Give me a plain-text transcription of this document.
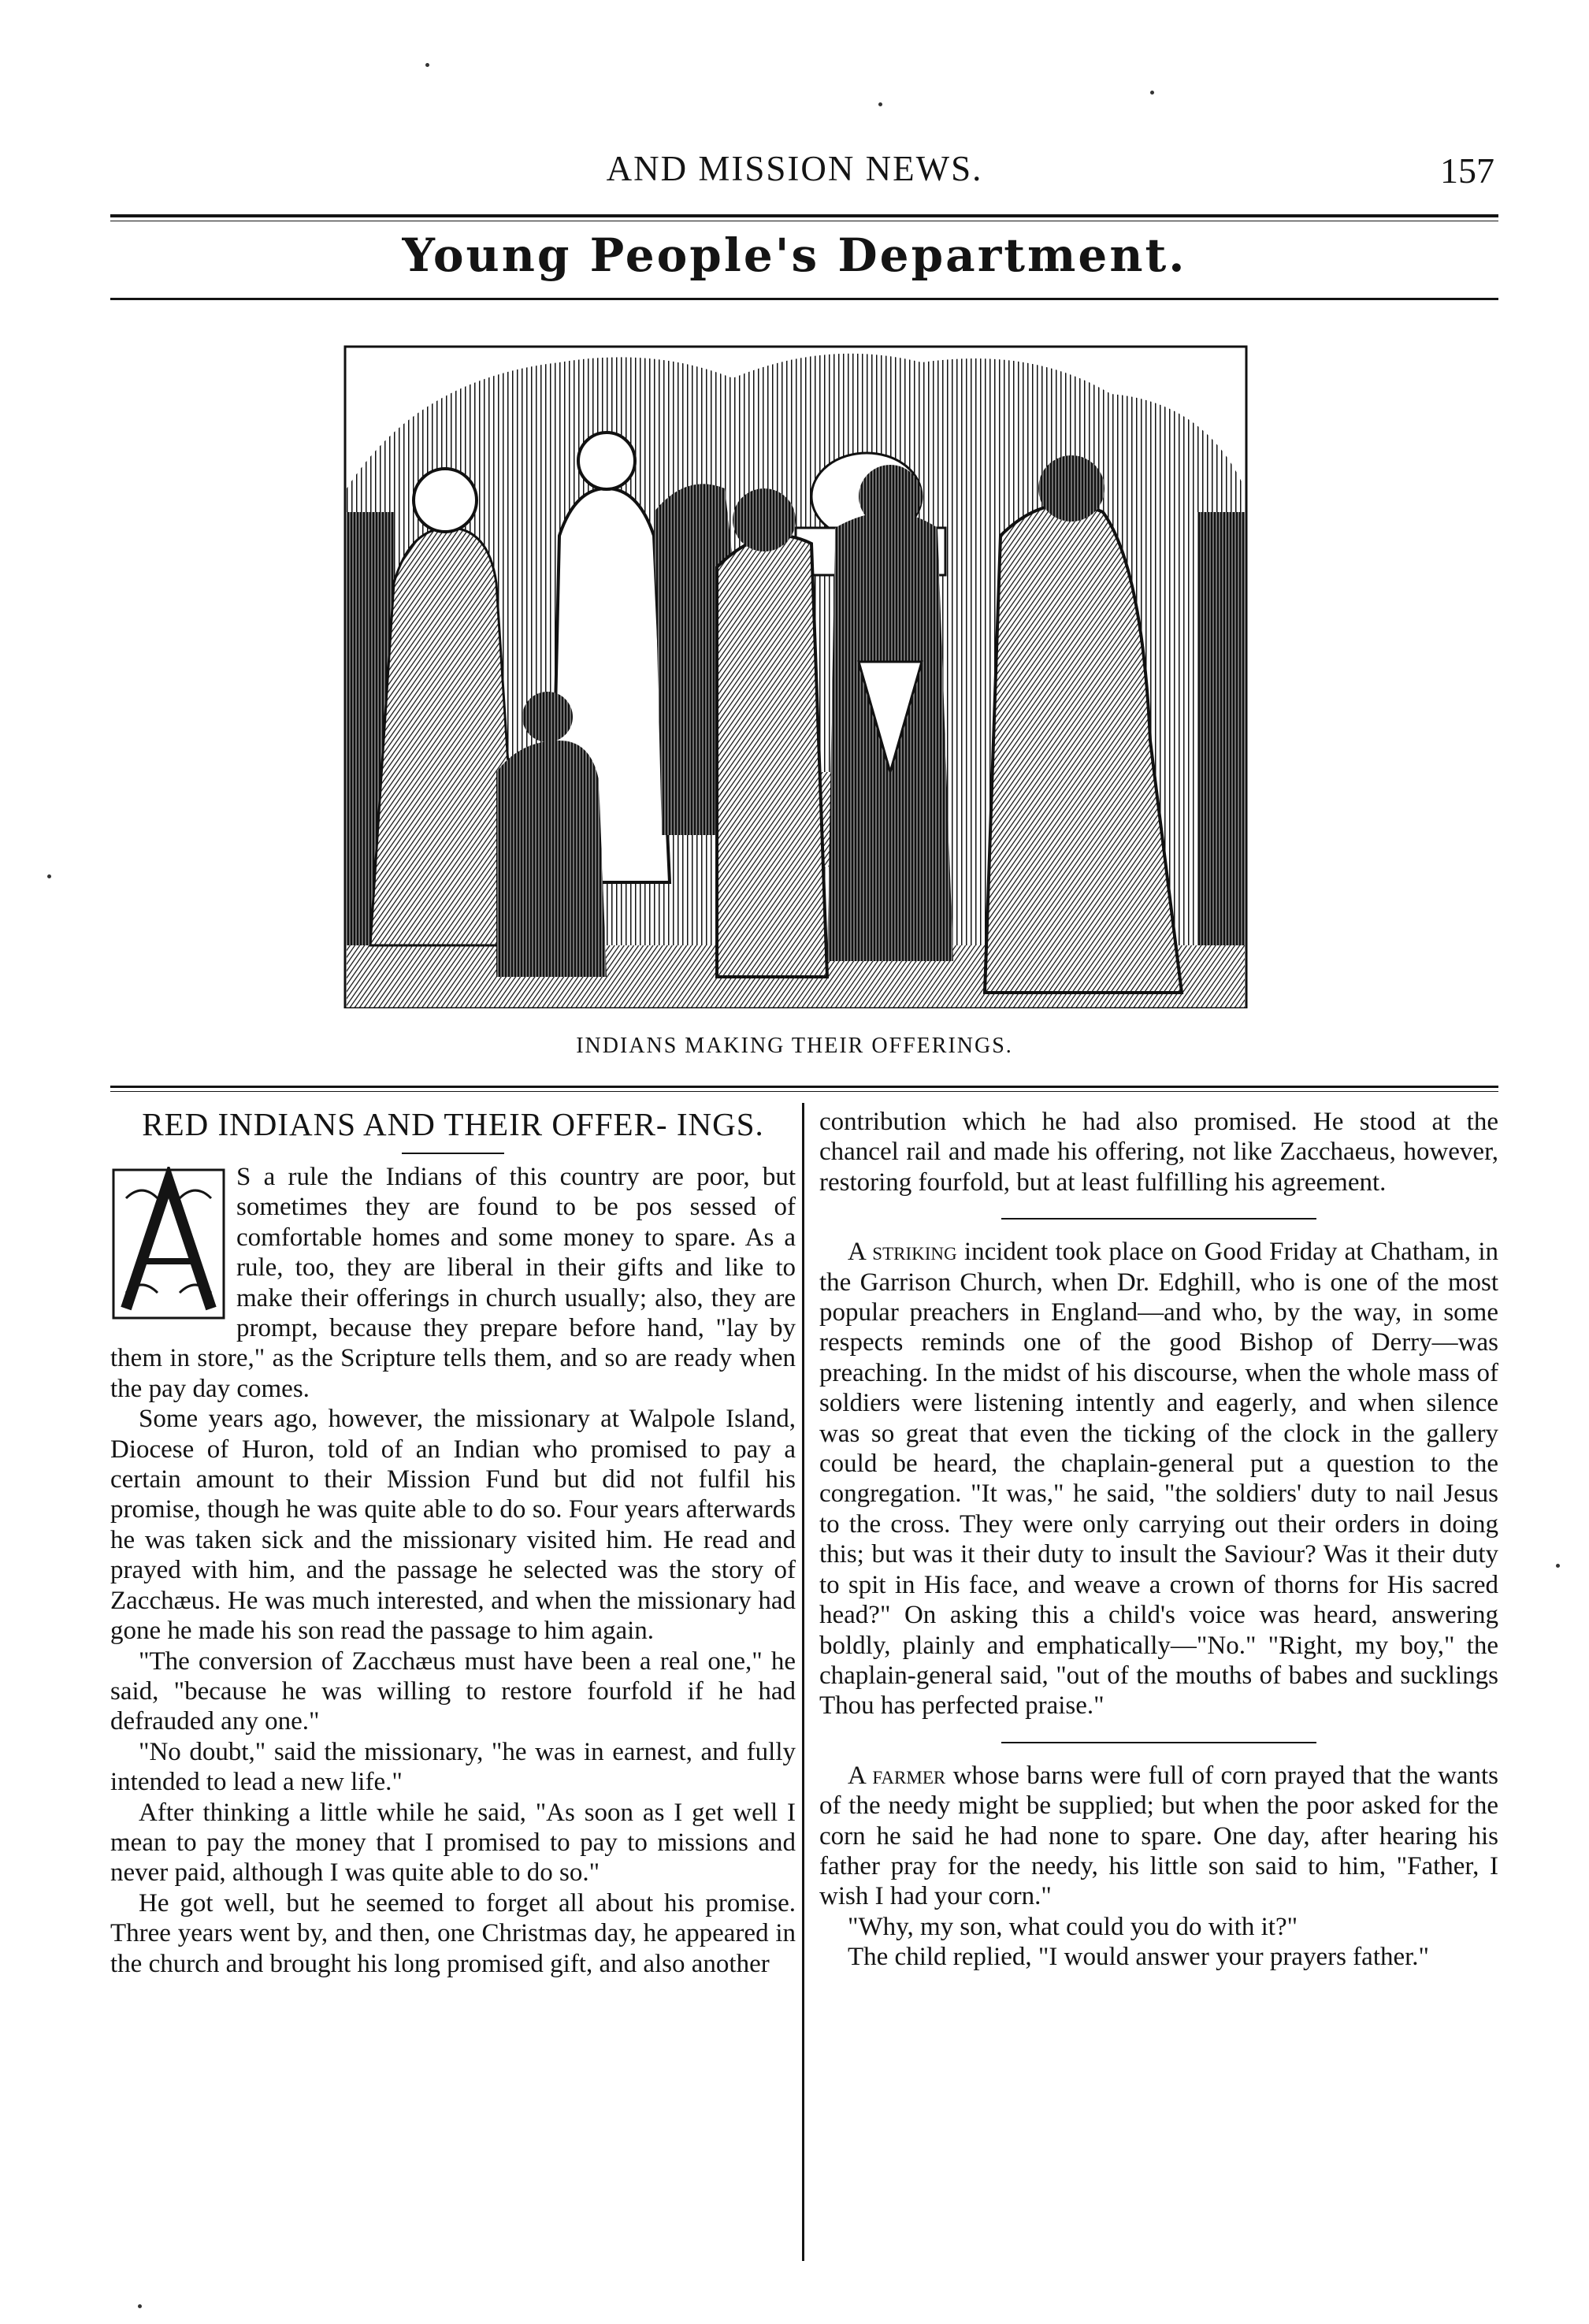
AND MISSION NEWS.	157
Young People's Department.
INDIANS MAKING THEIR OFFERINGS.
RED INDIANS AND THEIR OFFER- INGS.
A

S a rule the Indians of this country are poor, but sometimes they are found to be pos sessed of comfortable homes and some money to spare. As a rule, too, they are liberal in their gifts and like to make their offerings in church usually; also, they are prompt, because they prepare before hand, "lay by them in store," as the Scripture tells them, and so are ready when the pay day comes.

Some years ago, however, the missionary at Walpole Island, Diocese of Huron, told of an Indian who promised to pay a certain amount to their Mission Fund but did not fulfil his promise, though he was quite able to do so. Four years afterwards he was taken sick and the missionary visited him. He read and prayed with him, and the passage he selected was the story of Zacchæus. He was much interested, and when the missionary had gone he made his son read the passage to him again.

"The conversion of Zacchæus must have been a real one," he said, "because he was willing to restore fourfold if he had defrauded any one."

"No doubt," said the missionary, "he was in earnest, and fully intended to lead a new life."

After thinking a little while he said, "As soon as I get well I mean to pay the money that I promised to pay to missions and never paid, although I was quite able to do so."

He got well, but he seemed to forget all about his promise. Three years went by, and then, one Christmas day, he appeared in the church and brought his long promised gift, and also another

contribution which he had also promised. He stood at the chancel rail and made his offering, not like Zacchaeus, however, restoring fourfold, but at least fulfilling his agreement.

A striking incident took place on Good Friday at Chatham, in the Garrison Church, when Dr. Edghill, who is one of the most popular preachers in England—and who, by the way, in some respects reminds one of the good Bishop of Derry—was preaching. In the midst of his discourse, when the whole mass of soldiers were listening intently and eagerly, and when silence was so great that even the ticking of the clock in the gallery could be heard, the chaplain-general put a question to the congregation. "It was," he said, "the soldiers' duty to nail Jesus to the cross. They were only carrying out their orders in doing this; but was it their duty to insult the Saviour? Was it their duty to spit in His face, and weave a crown of thorns for His sacred head?" On asking this a child's voice was heard, answering boldly, plainly and emphatically—"No." "Right, my boy," the chaplain-general said, "out of the mouths of babes and sucklings Thou has perfected praise."

A farmer whose barns were full of corn prayed that the wants of the needy might be supplied; but when the poor asked for the corn he said he had none to spare. One day, after hearing his father pray for the needy, his little son said to him, "Father, I wish I had your corn."

"Why, my son, what could you do with it?"

The child replied, "I would answer your prayers father."
